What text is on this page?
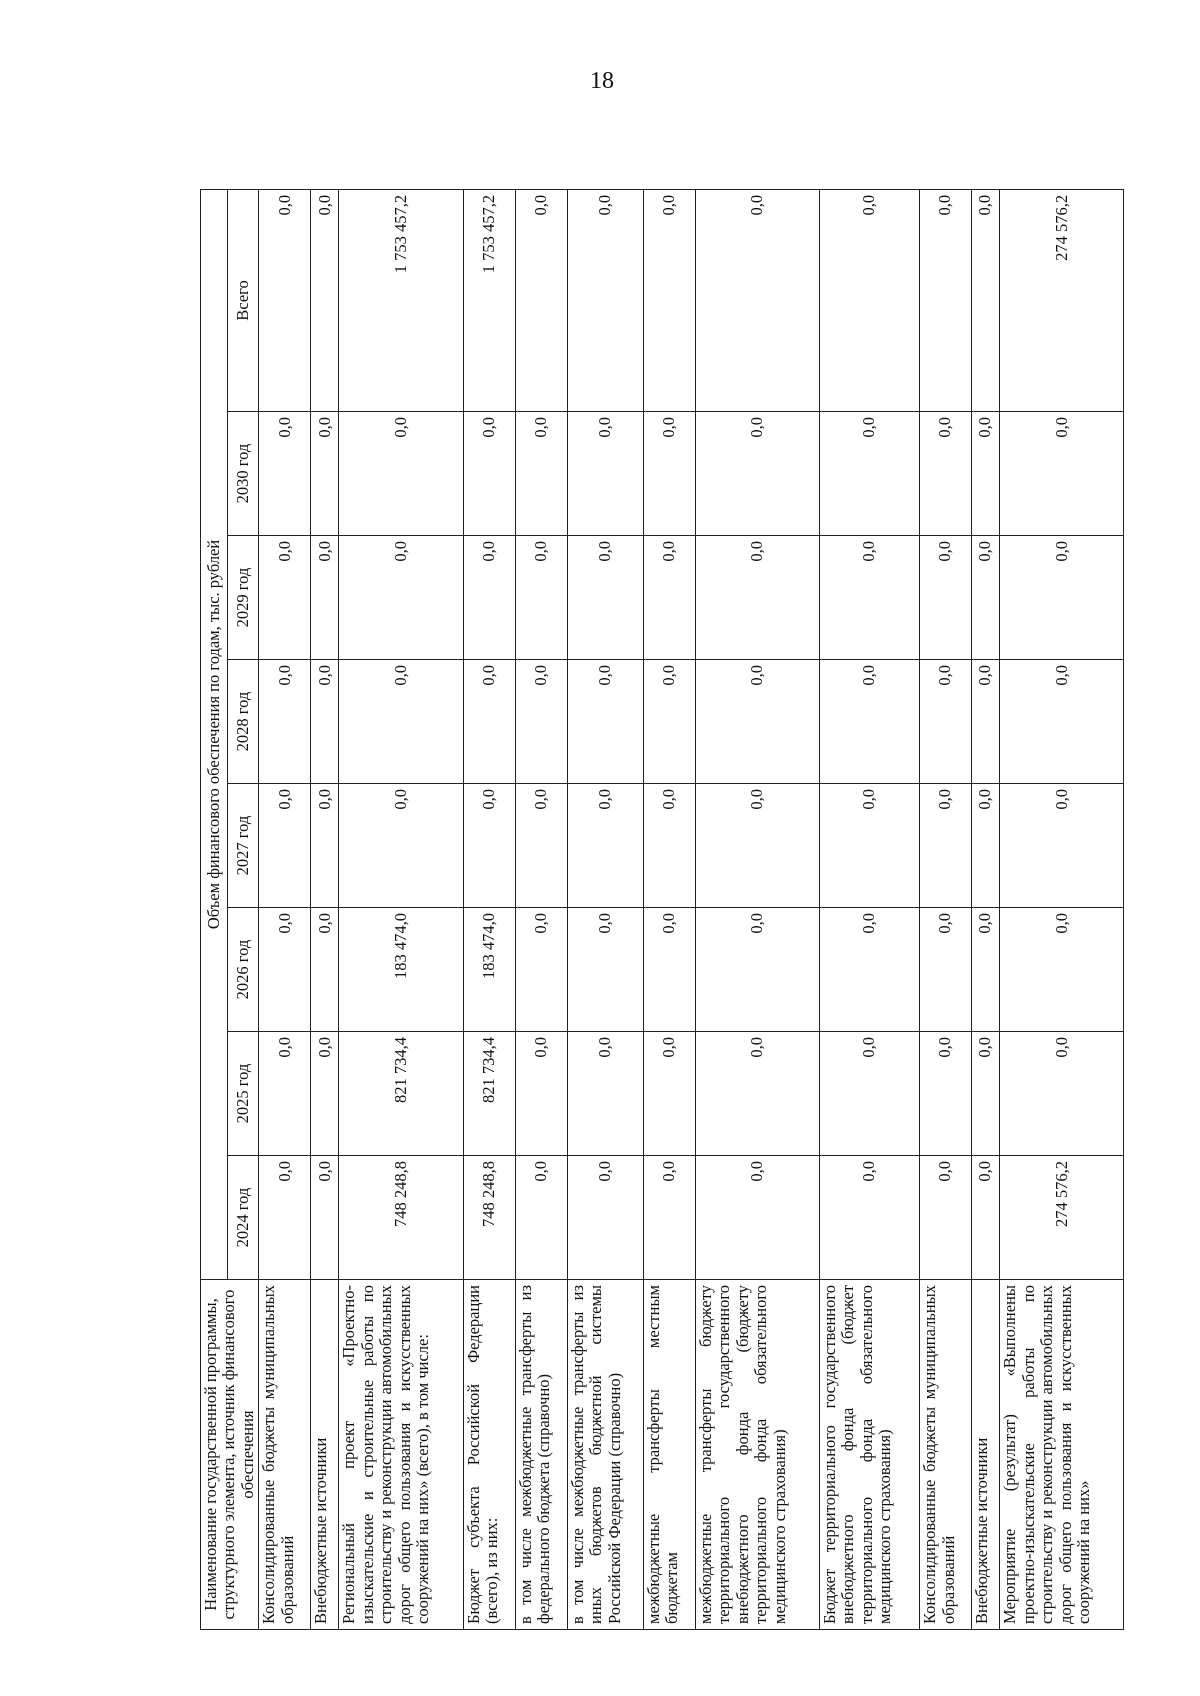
18
Наименование государственной программы, структурного элемента, источник финансового обеспечения	Объем финансового обеспечения по годам, тыс. рублей							
	2024 год	2025 год	2026 год	2027 год	2028 год	2029 год	2030 год	Всего
Консолидированные бюджеты муниципальных образований	0,0	0,0	0,0	0,0	0,0	0,0	0,0	0,0
Внебюджетные источники	0,0	0,0	0,0	0,0	0,0	0,0	0,0	0,0
Региональный проект «Проектно-изыскательские и строительные работы по строительству и реконструкции автомобильных дорог общего пользования и искусственных сооружений на них» (всего), в том числе:	748 248,8	821 734,4	183 474,0	0,0	0,0	0,0	0,0	1 753 457,2
Бюджет субъекта Российской Федерации (всего), из них:	748 248,8	821 734,4	183 474,0	0,0	0,0	0,0	0,0	1 753 457,2
в том числе межбюджетные трансферты из федерального бюджета (справочно)	0,0	0,0	0,0	0,0	0,0	0,0	0,0	0,0
в том числе межбюджетные трансферты из иных бюджетов бюджетной системы Российской Федерации (справочно)	0,0	0,0	0,0	0,0	0,0	0,0	0,0	0,0
межбюджетные трансферты местным бюджетам	0,0	0,0	0,0	0,0	0,0	0,0	0,0	0,0
межбюджетные трансферты бюджету территориального государственного внебюджетного фонда (бюджету территориального фонда обязательного медицинского страхования)	0,0	0,0	0,0	0,0	0,0	0,0	0,0	0,0
Бюджет территориального государственного внебюджетного фонда (бюджет территориального фонда обязательного медицинского страхования)	0,0	0,0	0,0	0,0	0,0	0,0	0,0	0,0
Консолидированные бюджеты муниципальных образований	0,0	0,0	0,0	0,0	0,0	0,0	0,0	0,0
Внебюджетные источники	0,0	0,0	0,0	0,0	0,0	0,0	0,0	0,0
Мероприятие (результат) «Выполнены проектно-изыскательские работы по строительству и реконструкции автомобильных дорог общего пользования и искусственных сооружений на них»	274 576,2	0,0	0,0	0,0	0,0	0,0	0,0	274 576,2
